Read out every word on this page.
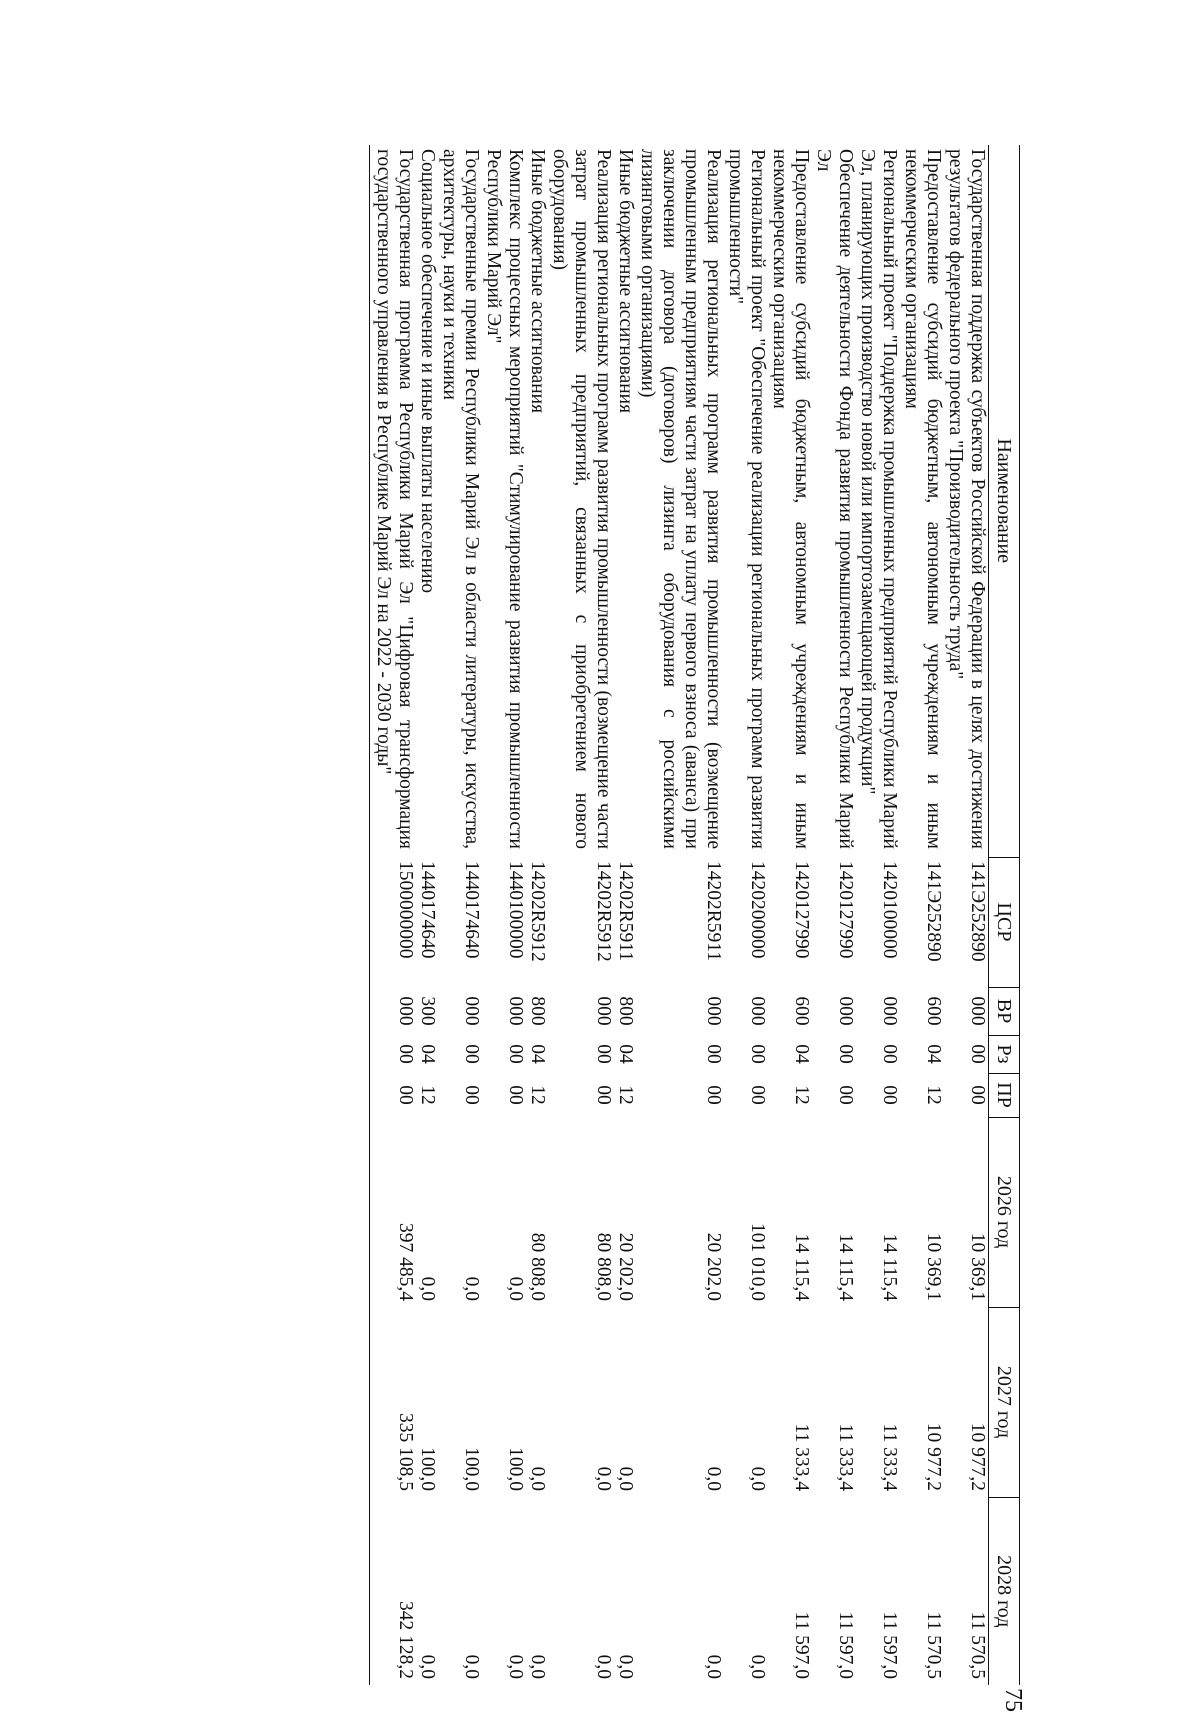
Наименование	ЦСР	ВР	Рз	ПР	2026 год	2027 год	2028 год
Государственная поддержка субъектов Российской Федерации в целях достижения результатов федерального проекта "Производительность труда"	141Э252890	000	00	00	10 369,1	10 977,2	11 570,5
Предоставление субсидий бюджетным, автономным учреждениям и иным некоммерческим организациям	141Э252890	600	04	12	10 369,1	10 977,2	11 570,5
Региональный проект "Поддержка промышленных предприятий Республики Марий Эл, планирующих производство новой или импортозамещающей продукции"	1420100000	000	00	00	14 115,4	11 333,4	11 597,0
Обеспечение деятельности Фонда развития промышленности Республики Марий Эл	1420127990	000	00	00	14 115,4	11 333,4	11 597,0
Предоставление субсидий бюджетным, автономным учреждениям и иным некоммерческим организациям	1420127990	600	04	12	14 115,4	11 333,4	11 597,0
Региональный проект "Обеспечение реализации региональных программ развития промышленности"	1420200000	000	00	00	101 010,0	0,0	0,0
Реализация региональных программ развития промышленности (возмещение промышленным предприятиям части затрат на уплату первого взноса (аванса) при заключении договора (договоров) лизинга оборудования с российскими лизинговыми организациями)	14202R5911	000	00	00	20 202,0	0,0	0,0
Иные бюджетные ассигнования	14202R5911	800	04	12	20 202,0	0,0	0,0
Реализация региональных программ развития промышленности (возмещение части затрат промышленных предприятий, связанных с приобретением нового оборудования)	14202R5912	000	00	00	80 808,0	0,0	0,0
Иные бюджетные ассигнования	14202R5912	800	04	12	80 808,0	0,0	0,0
Комплекс процессных мероприятий "Стимулирование развития промышленности Республики Марий Эл"	1440100000	000	00	00	0,0	100,0	0,0
Государственные премии Республики Марий Эл в области литературы, искусства, архитектуры, науки и техники	1440174640	000	00	00	0,0	100,0	0,0
Социальное обеспечение и иные выплаты населению	1440174640	300	04	12	0,0	100,0	0,0
Государственная программа Республики Марий Эл "Цифровая трансформация государственного управления в Республике Марий Эл на 2022 - 2030 годы"	1500000000	000	00	00	397 485,4	335 108,5	342 128,2
75
